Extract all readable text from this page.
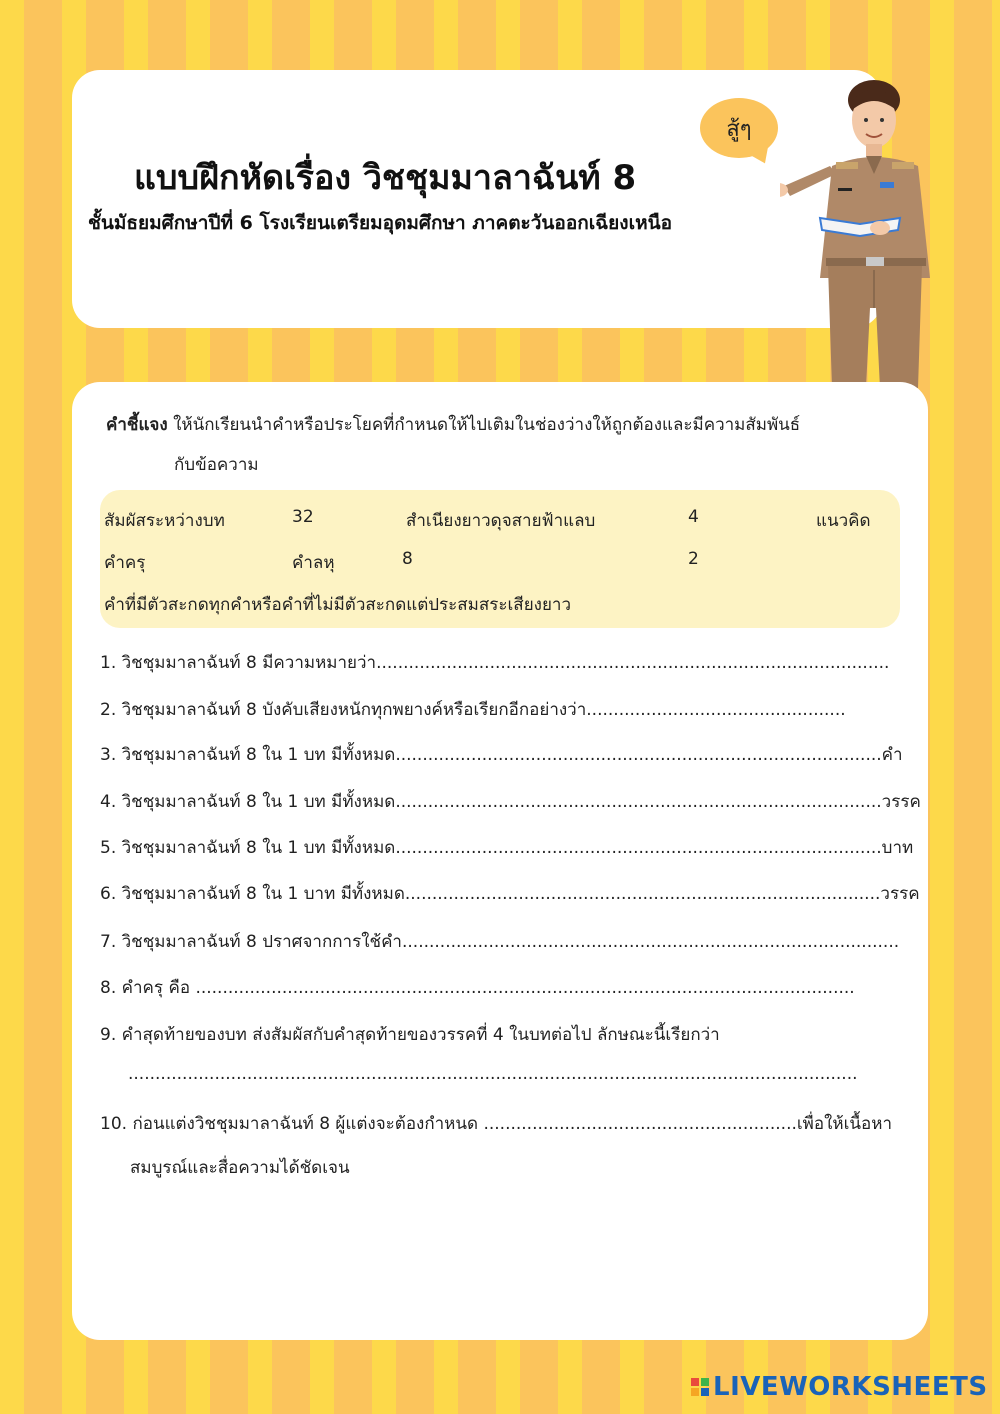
แบบฝึกหัดเรื่อง วิชชุมมาลาฉันท์ 8
ชั้นมัธยมศึกษาปีที่ 6 โรงเรียนเตรียมอุดมศึกษา ภาคตะวันออกเฉียงเหนือ
สู้ๆ
คำชี้แจง ให้นักเรียนนำคำหรือประโยคที่กำหนดให้ไปเติมในช่องว่างให้ถูกต้องและมีความสัมพันธ์
กับข้อความ
สัมผัสระหว่างบท	32	สำเนียงยาวดุจสายฟ้าแลบ	4	แนวคิด
คำครุ	คำลหุ	8	2
คำที่มีตัวสะกดทุกคำหรือคำที่ไม่มีตัวสะกดแต่ประสมสระเสียงยาว
1. วิชชุมมาลาฉันท์ 8 มีความหมายว่า...............................................................................................
2. วิชชุมมาลาฉันท์ 8 บังคับเสียงหนักทุกพยางค์หรือเรียกอีกอย่างว่า................................................
3. วิชชุมมาลาฉันท์ 8 ใน 1 บท มีทั้งหมด..........................................................................................คำ
4. วิชชุมมาลาฉันท์ 8 ใน 1 บท มีทั้งหมด..........................................................................................วรรค
5. วิชชุมมาลาฉันท์ 8 ใน 1 บท มีทั้งหมด..........................................................................................บาท
6. วิชชุมมาลาฉันท์ 8 ใน 1 บาท มีทั้งหมด........................................................................................วรรค
7. วิชชุมมาลาฉันท์ 8 ปราศจากการใช้คำ............................................................................................
8. คำครุ คือ ..........................................................................................................................
9. คำสุดท้ายของบท ส่งสัมผัสกับคำสุดท้ายของวรรคที่ 4 ในบทต่อไป ลักษณะนี้เรียกว่า
.......................................................................................................................................
10. ก่อนแต่งวิชชุมมาลาฉันท์ 8 ผู้แต่งจะต้องกำหนด ..........................................................เพื่อให้เนื้อหา
สมบูรณ์และสื่อความได้ชัดเจน
LIVEWORKSHEETS
